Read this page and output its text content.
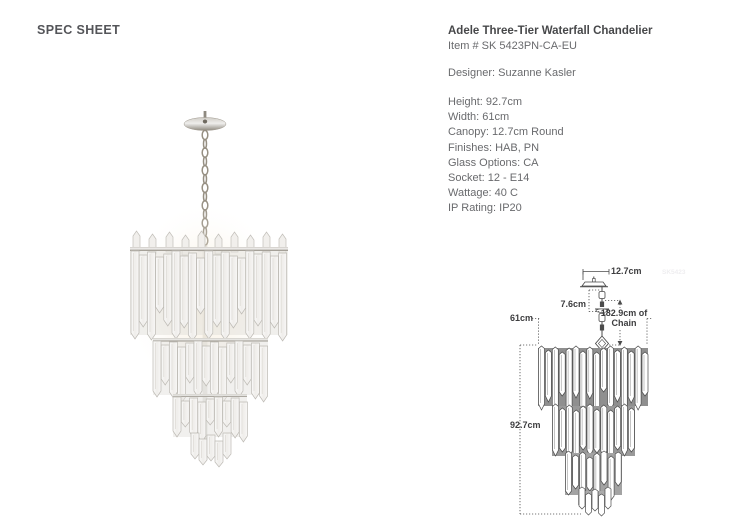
SPEC SHEET	Adele Three-Tier Waterfall Chandelier
Item # SK 5423PN-CA-EU
Designer: Suzanne Kasler
Height: 92.7cm
Width: 61cm
Canopy: 12.7cm Round
Finishes: HAB, PN
Glass Options: CA
Socket: 12 - E14
Wattage: 40 C
IP Rating: IP20
12.7cm	SK5423
7.6cm
182.9cm of
Chain
61cm
92.7cm
